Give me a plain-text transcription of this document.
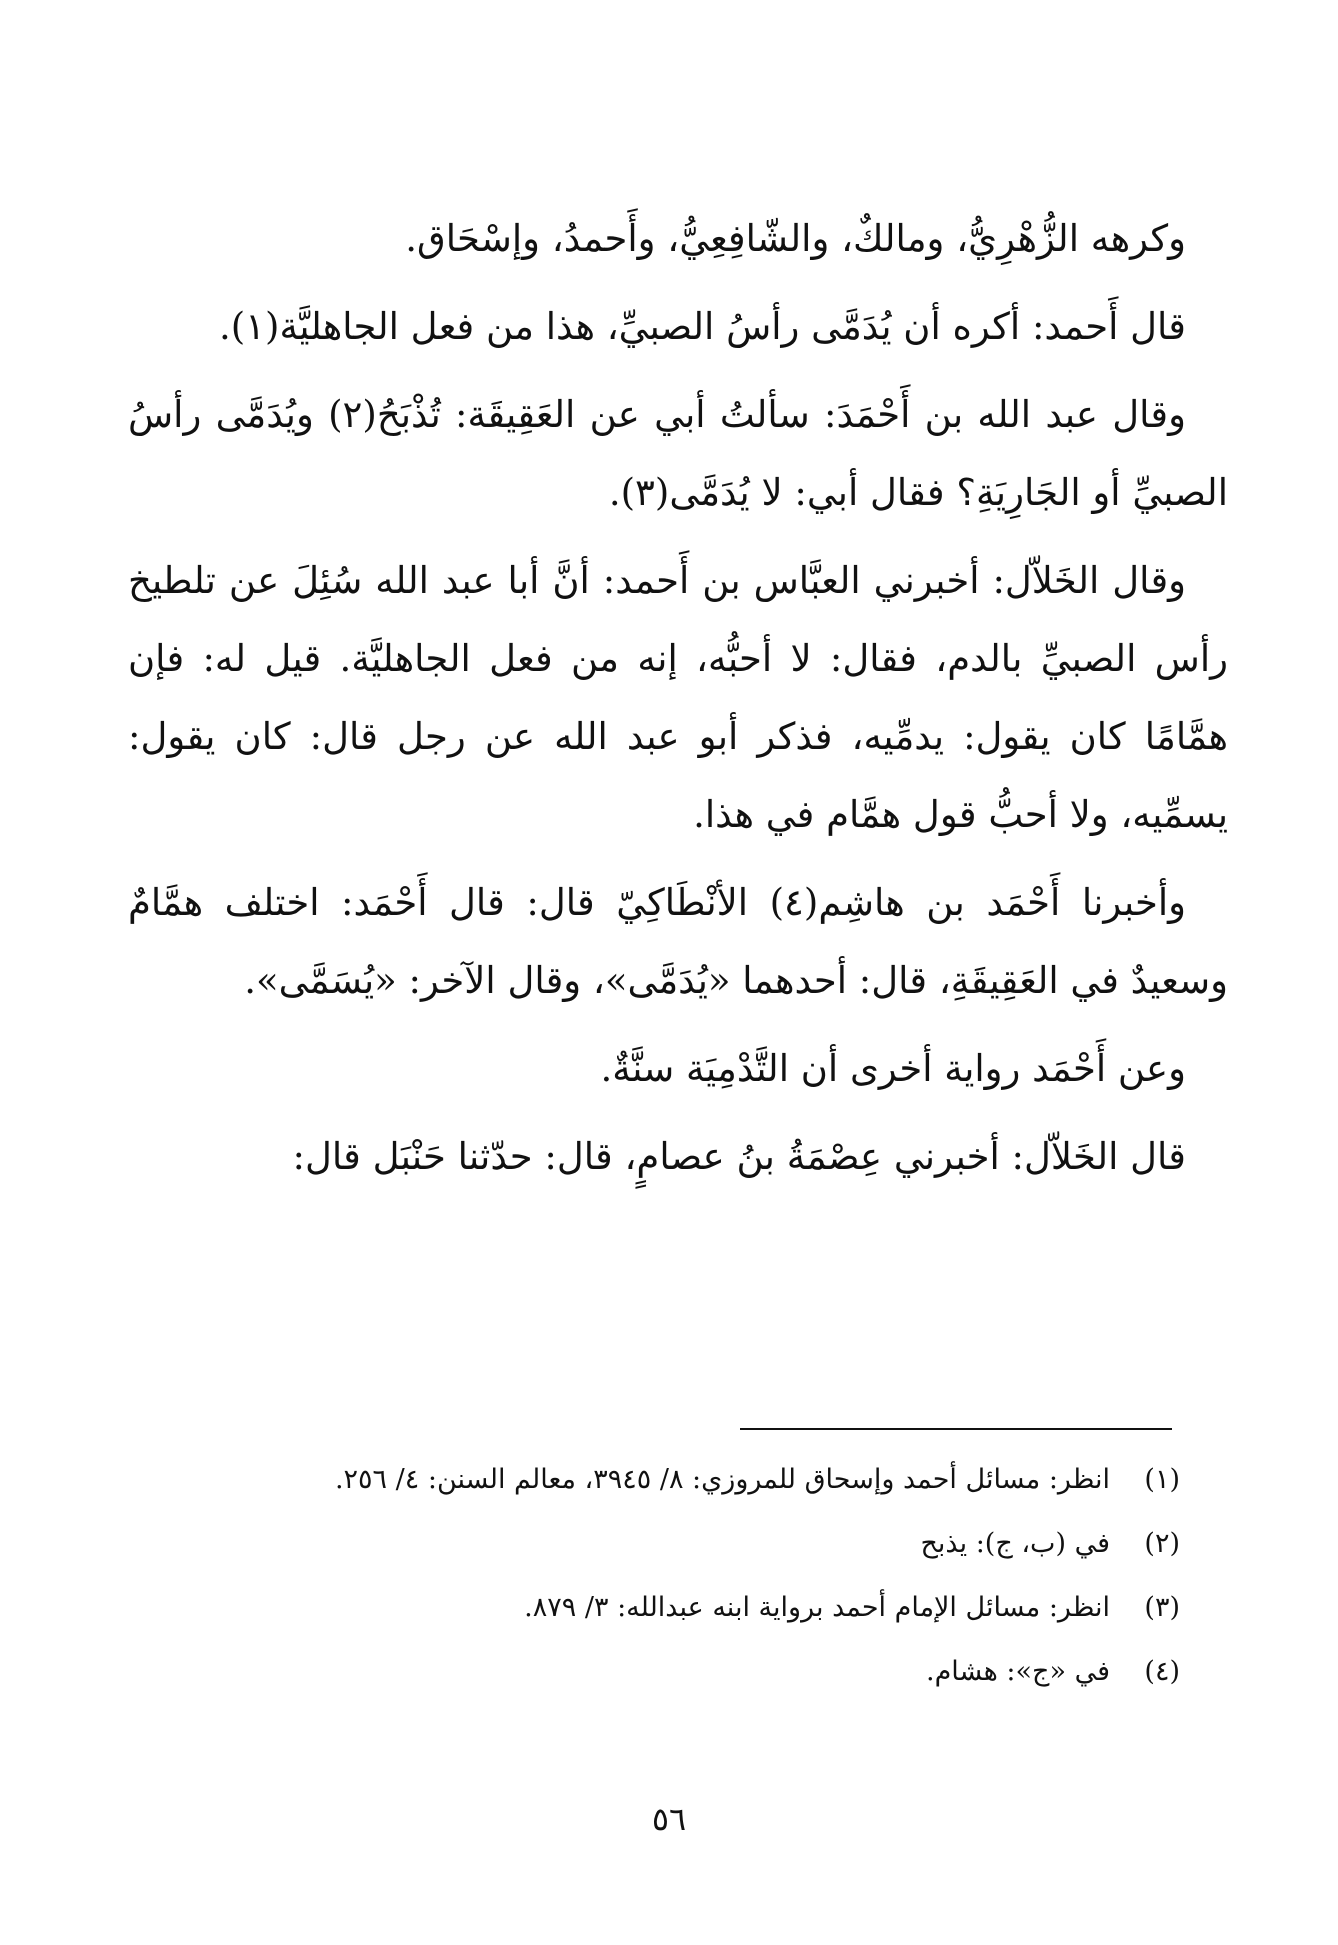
وكرهه الزُّهْرِيُّ، ومالكٌ، والشّافِعِيُّ، وأَحمدُ، وإسْحَاق.

قال أَحمد: أكره أن يُدَمَّى رأسُ الصبيِّ، هذا من فعل الجاهليَّة(١).

وقال عبد الله بن أَحْمَدَ: سألتُ أبي عن العَقِيقَة: تُذْبَحُ(٢) ويُدَمَّى رأسُ الصبيِّ أو الجَارِيَةِ؟ فقال أبي: لا يُدَمَّى(٣).

وقال الخَلاّل: أخبرني العبَّاس بن أَحمد: أنَّ أبا عبد الله سُئِلَ عن تلطيخ رأس الصبيِّ بالدم، فقال: لا أحبُّه، إنه من فعل الجاهليَّة. قيل له: فإن همَّامًا كان يقول: يدمِّيه، فذكر أبو عبد الله عن رجل قال: كان يقول: يسمِّيه، ولا أحبُّ قول همَّام في هذا.

وأخبرنا أَحْمَد بن هاشِم(٤) الأنْطَاكِيّ قال: قال أَحْمَد: اختلف همَّامٌ وسعيدٌ في العَقِيقَةِ، قال: أحدهما «يُدَمَّى»، وقال الآخر: «يُسَمَّى».

وعن أَحْمَد رواية أخرى أن التَّدْمِيَة سنَّةٌ.

قال الخَلاّل: أخبرني عِصْمَةُ بنُ عصامٍ، قال: حدّثنا حَنْبَل قال:

(١)
انظر: مسائل أحمد وإسحاق للمروزي: ٨/ ٣٩٤٥، معالم السنن: ٤/ ٢٥٦.
(٢)
في (ب، ج): يذبح
(٣)
انظر: مسائل الإمام أحمد برواية ابنه عبدالله: ٣/ ٨٧٩.
(٤)
في «ج»: هشام.
٥٦
